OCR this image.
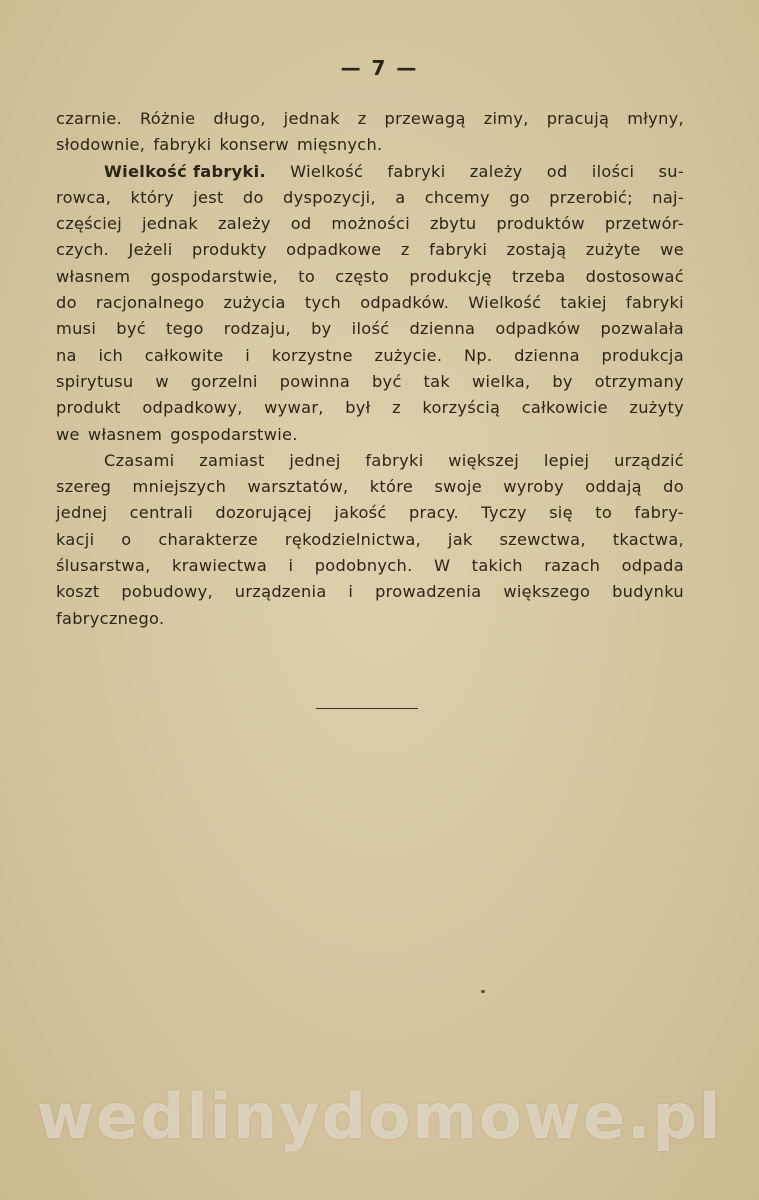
— 7 —
czarnie. Różnie długo, jednak z przewagą zimy, pracują młyny,
słodownie, fabryki konserw mięsnych.
Wielkość fabryki. Wielkość fabryki zależy od ilości su-
rowca, który jest do dyspozycji, a chcemy go przerobić; naj-
częściej jednak zależy od możności zbytu produktów przetwór-
czych. Jeżeli produkty odpadkowe z fabryki zostają zużyte we
własnem gospodarstwie, to często produkcję trzeba dostosować
do racjonalnego zużycia tych odpadków. Wielkość takiej fabryki
musi być tego rodzaju, by ilość dzienna odpadków pozwalała
na ich całkowite i korzystne zużycie. Np. dzienna produkcja
spirytusu w gorzelni powinna być tak wielka, by otrzymany
produkt odpadkowy, wywar, był z korzyścią całkowicie zużyty
we własnem gospodarstwie.
Czasami zamiast jednej fabryki większej lepiej urządzić
szereg mniejszych warsztatów, które swoje wyroby oddają do
jednej centrali dozorującej jakość pracy. Tyczy się to fabry-
kacji o charakterze rękodzielnictwa, jak szewctwa, tkactwa,
ślusarstwa, krawiectwa i podobnych. W takich razach odpada
koszt pobudowy, urządzenia i prowadzenia większego budynku
fabrycznego.
wedlinydomowe.pl
